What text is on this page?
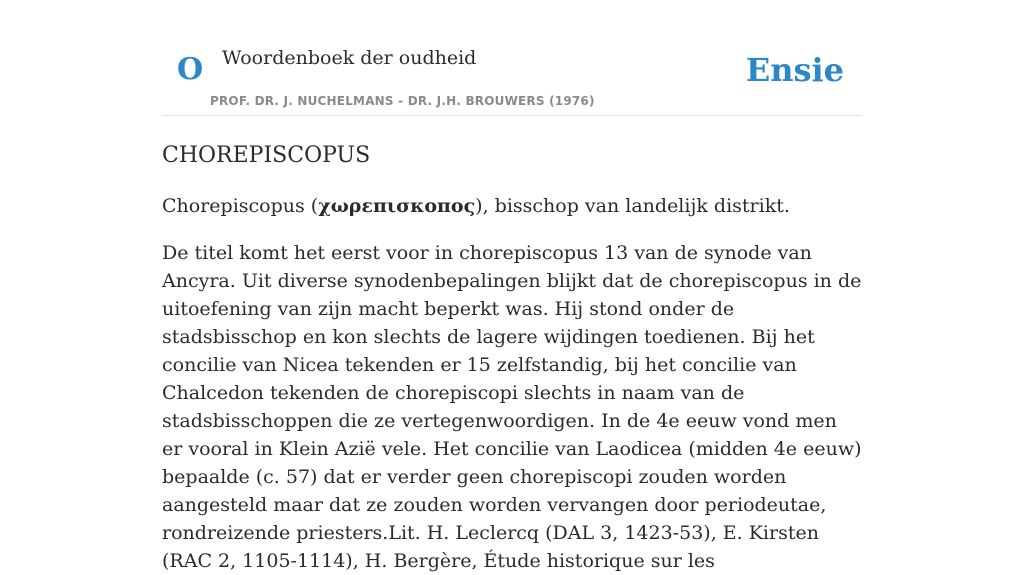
O Woordenboek der oudheid
PROF. DR. J. NUCHELMANS - DR. J.H. BROUWERS (1976)
Ensie
CHOREPISCOPUS

Chorepiscopus (χωρεπισκοπος), bisschop van landelijk distrikt.

De titel komt het eerst voor in chorepiscopus 13 van de synode van Ancyra. Uit diverse synodenbepalingen blijkt dat de chorepiscopus in de uitoefening van zijn macht beperkt was. Hij stond onder de stadsbisschop en kon slechts de lagere wijdingen toedienen. Bij het concilie van Nicea tekenden er 15 zelfstandig, bij het concilie van Chalcedon tekenden de chorepiscopi slechts in naam van de stadsbisschoppen die ze vertegenwoordigen. In de 4e eeuw vond men er vooral in Klein Azië vele. Het concilie van Laodicea (midden 4e eeuw) bepaalde (c. 57) dat er verder geen chorepiscopi zouden worden aangesteld maar dat ze zouden worden vervangen door periodeutae, rondreizende priesters.Lit. H. Leclercq (DAL 3, 1423-53), E. Kirsten (RAC 2, 1105-1114), H. Bergère, Étude historique sur les
